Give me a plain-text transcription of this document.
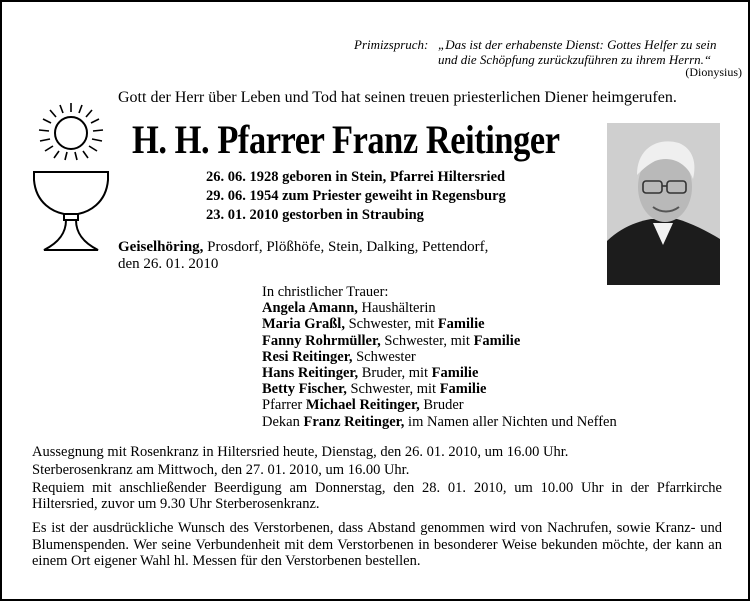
Primizspruch: „Das ist der erhabenste Dienst: Gottes Helfer zu sein

und die Schöpfung zurückzuführen zu ihrem Herrn.“

(Dionysius)

Gott der Herr über Leben und Tod hat seinen treuen priesterlichen Diener heimgerufen.

H. H. Pfarrer Franz Reitinger

26. 06. 1928 geboren in Stein, Pfarrei Hiltersried

29. 06. 1954 zum Priester geweiht in Regensburg

23. 01. 2010 gestorben in Straubing

Geiselhöring, Prosdorf, Plößhöfe, Stein, Dalking, Pettendorf,

den 26. 01. 2010

In christlicher Trauer:
Angela Amann, Haushälterin
Maria Graßl, Schwester, mit Familie
Fanny Rohrmüller, Schwester, mit Familie
Resi Reitinger, Schwester
Hans Reitinger, Bruder, mit Familie
Betty Fischer, Schwester, mit Familie
Pfarrer Michael Reitinger, Bruder
Dekan Franz Reitinger, im Namen aller Nichten und Neffen

Aussegnung mit Rosenkranz in Hiltersried heute, Dienstag, den 26. 01. 2010, um 16.00 Uhr.

Sterberosenkranz am Mittwoch, den 27. 01. 2010, um 16.00 Uhr.

Requiem mit anschließender Beerdigung am Donnerstag, den 28. 01. 2010, um 10.00 Uhr in der Pfarrkirche Hiltersried, zuvor um 9.30 Uhr Sterberosenkranz.

Es ist der ausdrückliche Wunsch des Verstorbenen, dass Abstand genommen wird von Nachrufen, sowie Kranz- und Blumenspenden. Wer seine Verbundenheit mit dem Verstorbenen in besonderer Weise bekunden möchte, der kann an einem Ort eigener Wahl hl. Messen für den Verstorbenen bestellen.
